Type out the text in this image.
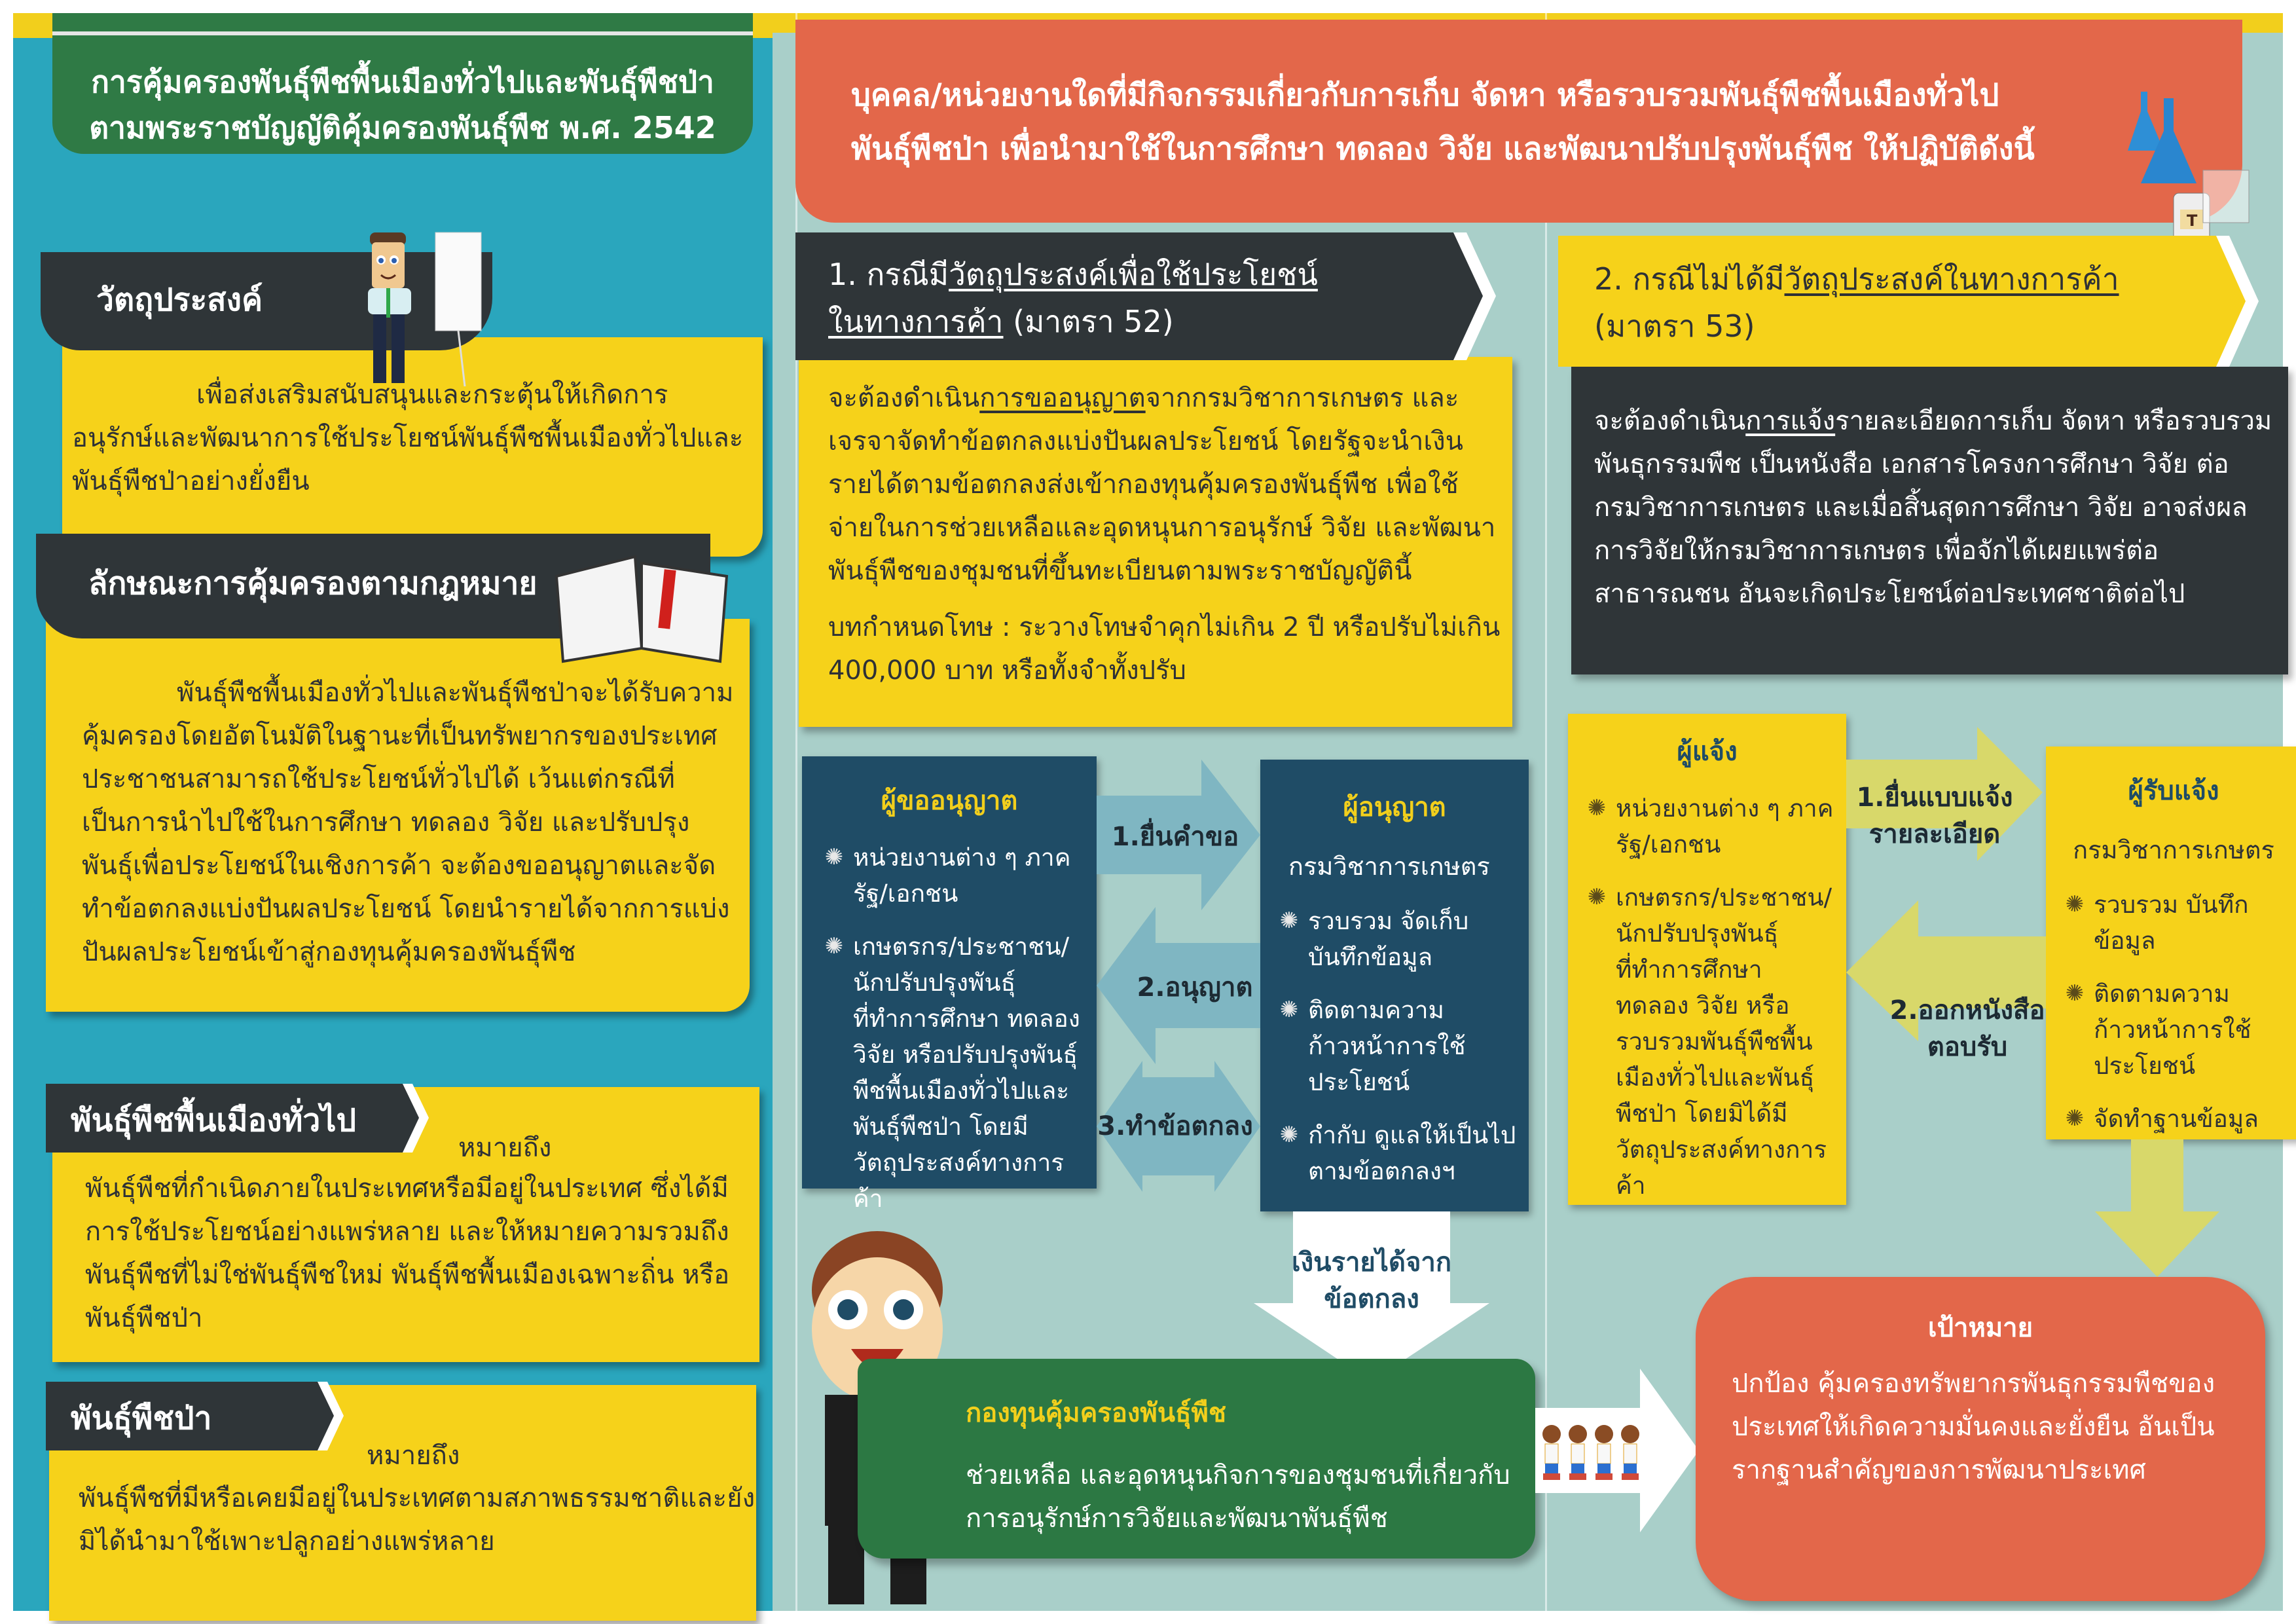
การคุ้มครองพันธุ์พืชพื้นเมืองทั่วไปและพันธุ์พืชป่า
ตามพระราชบัญญัติคุ้มครองพันธุ์พืช พ.ศ. 2542
วัตถุประสงค์
เพื่อส่งเสริมสนับสนุนและกระตุ้นให้เกิดการอนุรักษ์และพัฒนาการใช้ประโยชน์พันธุ์พืชพื้นเมืองทั่วไปและพันธุ์พืชป่าอย่างยั่งยืน
ลักษณะการคุ้มครองตามกฎหมาย
พันธุ์พืชพื้นเมืองทั่วไปและพันธุ์พืชป่าจะได้รับความคุ้มครองโดยอัตโนมัติในฐานะที่เป็นทรัพยากรของประเทศ ประชาชนสามารถใช้ประโยชน์ทั่วไปได้ เว้นแต่กรณีที่เป็นการนำไปใช้ในการศึกษา ทดลอง วิจัย และปรับปรุงพันธุ์เพื่อประโยชน์ในเชิงการค้า จะต้องขออนุญาตและจัดทำข้อตกลงแบ่งปันผลประโยชน์ โดยนำรายได้จากการแบ่งปันผลประโยชน์เข้าสู่กองทุนคุ้มครองพันธุ์พืช
พันธุ์พืชพื้นเมืองทั่วไป
หมายถึง
พันธุ์พืชที่กำเนิดภายในประเทศหรือมีอยู่ในประเทศ ซึ่งได้มีการใช้ประโยชน์อย่างแพร่หลาย และให้หมายความรวมถึงพันธุ์พืชที่ไม่ใช่พันธุ์พืชใหม่ พันธุ์พืชพื้นเมืองเฉพาะถิ่น หรือพันธุ์พืชป่า
พันธุ์พืชป่า
หมายถึง
พันธุ์พืชที่มีหรือเคยมีอยู่ในประเทศตามสภาพธรรมชาติและยังมิได้นำมาใช้เพาะปลูกอย่างแพร่หลาย
บุคคล/หน่วยงานใดที่มีกิจกรรมเกี่ยวกับการเก็บ จัดหา หรือรวบรวมพันธุ์พืชพื้นเมืองทั่วไป
พันธุ์พืชป่า เพื่อนำมาใช้ในการศึกษา ทดลอง วิจัย และพัฒนาปรับปรุงพันธุ์พืช ให้ปฏิบัติดังนี้
T
1. กรณีมีวัตถุประสงค์เพื่อใช้ประโยชน์
ในทางการค้า (มาตรา 52)

จะต้องดำเนินการขออนุญาตจากกรมวิชาการเกษตร และเจรจาจัดทำข้อตกลงแบ่งปันผลประโยชน์ โดยรัฐจะนำเงินรายได้ตามข้อตกลงส่งเข้ากองทุนคุ้มครองพันธุ์พืช เพื่อใช้จ่ายในการช่วยเหลือและอุดหนุนการอนุรักษ์ วิจัย และพัฒนาพันธุ์พืชของชุมชนที่ขึ้นทะเบียนตามพระราชบัญญัตินี้

บทกำหนดโทษ : ระวางโทษจำคุกไม่เกิน 2 ปี หรือปรับไม่เกิน 400,000 บาท หรือทั้งจำทั้งปรับ

ผู้ขออนุญาต
✺ หน่วยงานต่าง ๆ ภาครัฐ/เอกชน
✺ เกษตรกร/ประชาชน/นักปรับปรุงพันธุ์ที่ทำการศึกษา ทดลอง วิจัย หรือปรับปรุงพันธุ์พืชพื้นเมืองทั่วไปและพันธุ์พืชป่า โดยมีวัตถุประสงค์ทางการค้า
ผู้อนุญาต
กรมวิชาการเกษตร
✺ รวบรวม จัดเก็บ บันทึกข้อมูล
✺ ติดตามความก้าวหน้าการใช้ประโยชน์
✺ กำกับ ดูแลให้เป็นไปตามข้อตกลงฯ
1.ยื่นคำขอ
2.อนุญาต
3.ทำข้อตกลง
เงินรายได้จาก
ข้อตกลง
กองทุนคุ้มครองพันธุ์พืช
ช่วยเหลือ และอุดหนุนกิจการของชุมชนที่เกี่ยวกับการอนุรักษ์การวิจัยและพัฒนาพันธุ์พืช
2. กรณีไม่ได้มีวัตถุประสงค์ในทางการค้า
(มาตรา 53)
จะต้องดำเนินการแจ้งรายละเอียดการเก็บ จัดหา หรือรวบรวมพันธุกรรมพืช เป็นหนังสือ เอกสารโครงการศึกษา วิจัย ต่อกรมวิชาการเกษตร และเมื่อสิ้นสุดการศึกษา วิจัย อาจส่งผลการวิจัยให้กรมวิชาการเกษตร เพื่อจักได้เผยแพร่ต่อสาธารณชน อันจะเกิดประโยชน์ต่อประเทศชาติต่อไป
ผู้แจ้ง
✺ หน่วยงานต่าง ๆ ภาครัฐ/เอกชน
✺ เกษตรกร/ประชาชน/นักปรับปรุงพันธุ์ที่ทำการศึกษา ทดลอง วิจัย หรือรวบรวมพันธุ์พืชพื้นเมืองทั่วไปและพันธุ์พืชป่า โดยมิได้มีวัตถุประสงค์ทางการค้า
ผู้รับแจ้ง
กรมวิชาการเกษตร
✺ รวบรวม บันทึกข้อมูล
✺ ติดตามความก้าวหน้าการใช้ประโยชน์
✺ จัดทำฐานข้อมูล
1.ยื่นแบบแจ้ง
รายละเอียด
2.ออกหนังสือ
ตอบรับ
เป้าหมาย
ปกป้อง คุ้มครองทรัพยากรพันธุกรรมพืชของประเทศให้เกิดความมั่นคงและยั่งยืน อันเป็นรากฐานสำคัญของการพัฒนาประเทศ
